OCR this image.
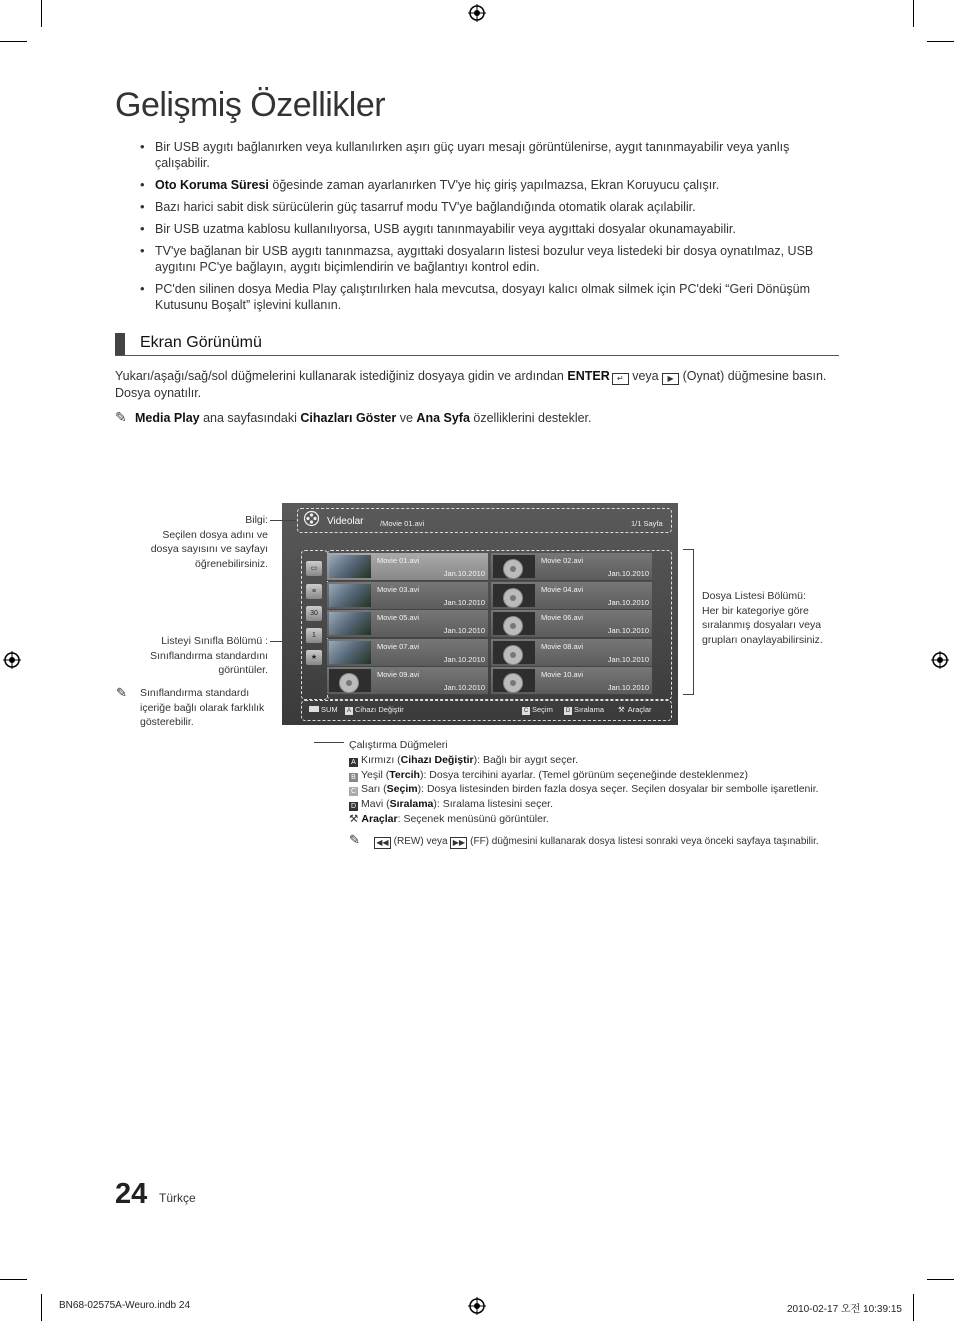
Gelişmiş Özellikler
• Bir USB aygıtı bağlanırken veya kullanılırken aşırı güç uyarı mesajı görüntülenirse, aygıt tanınmayabilir veya yanlış çalışabilir.
• Oto Koruma Süresi öğesinde zaman ayarlanırken TV'ye hiç giriş yapılmazsa, Ekran Koruyucu çalışır.
• Bazı harici sabit disk sürücülerin güç tasarruf modu TV'ye bağlandığında otomatik olarak açılabilir.
• Bir USB uzatma kablosu kullanılıyorsa, USB aygıtı tanınmayabilir veya aygıttaki dosyalar okunamayabilir.
• TV'ye bağlanan bir USB aygıtı tanınmazsa, aygıttaki dosyaların listesi bozulur veya listedeki bir dosya oynatılmaz, USB aygıtını PC'ye bağlayın, aygıtı biçimlendirin ve bağlantıyı kontrol edin.
• PC'den silinen dosya Media Play çalıştırılırken hala mevcutsa, dosyayı kalıcı olmak silmek için PC'deki “Geri Dönüşüm Kutusunu Boşalt” işlevini kullanın.
Ekran Görünümü
Yukarı/aşağı/sağ/sol düğmelerini kullanarak istediğiniz dosyaya gidin ve ardından ENTER ↵ veya ▶ (Oynat) düğmesine basın. Dosya oynatılır.
✎ Media Play ana sayfasındaki Cihazları Göster ve Ana Syfa özelliklerini destekler.
Videolar /Movie 01.avi	1/1 Sayfa
Movie 01.avi
Jan.10.2010
Movie 02.avi
Jan.10.2010
Movie 03.avi
Jan.10.2010
Movie 04.avi
Jan.10.2010
Movie 05.avi
Jan.10.2010
Movie 06.avi
Jan.10.2010
Movie 07.avi
Jan.10.2010
Movie 08.avi
Jan.10.2010
Movie 09.avi
Jan.10.2010
Movie 10.avi
Jan.10.2010
SUM	A Cihazı Değiştir	C Seçim	D Sıralama ⚒ Araçlar
▭
≡
30
1
★
Bilgi:
Seçilen dosya adını ve dosya sayısını ve sayfayı öğrenebilirsiniz.
Listeyi Sınıfla Bölümü :
Sınıflandırma standardını görüntüler.
✎	Sınıflandırma standardı içeriğe bağlı olarak farklılık gösterebilir.
Dosya Listesi Bölümü:
Her bir kategoriye göre sıralanmış dosyaları veya grupları onaylayabilirsiniz.
Çalıştırma Düğmeleri
A Kırmızı (Cihazı Değiştir): Bağlı bir aygıt seçer.
B Yeşil (Tercih): Dosya tercihini ayarlar. (Temel görünüm seçeneğinde desteklenmez)
C Sarı (Seçim): Dosya listesinden birden fazla dosya seçer. Seçilen dosyalar bir sembolle işaretlenir.
D Mavi (Sıralama): Sıralama listesini seçer.
⚒ Araçlar: Seçenek menüsünü görüntüler.
✎ ◀◀ (REW) veya ▶▶ (FF) düğmesini kullanarak dosya listesi sonraki veya önceki sayfaya taşınabilir.
24 Türkçe
BN68-02575A-Weuro.indb 24	2010-02-17 오전 10:39:15
